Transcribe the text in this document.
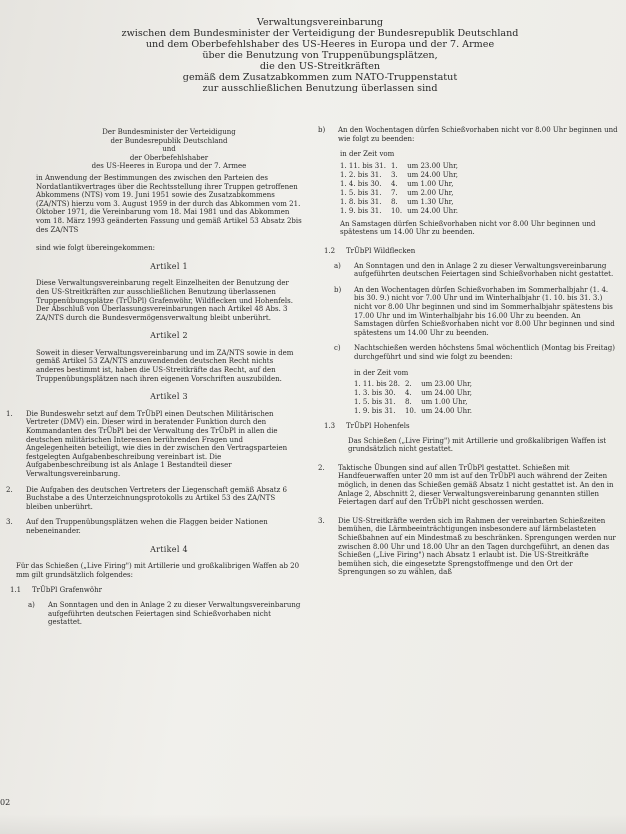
Verwaltungsvereinbarung
zwischen dem Bundesminister der Verteidigung der Bundesrepublik Deutschland
und dem Oberbefehlshaber des US-Heeres in Europa und der 7. Armee
über die Benutzung von Truppenübungsplätzen,
die den US-Streitkräften
gemäß dem Zusatzabkommen zum NATO-Truppenstatut
zur ausschließlichen Benutzung überlassen sind
Der Bundesminister der Verteidigung
der Bundesrepublik Deutschland
und
der Oberbefehlshaber
des US-Heeres in Europa und der 7. Armee

in Anwendung der Bestimmungen des zwischen den Parteien des Nordatlantikvertrages über die Rechtsstellung ihrer Truppen getroffenen Abkommens (NTS) vom 19. Juni 1951 sowie des Zusatzabkommens (ZA/NTS) hierzu vom 3. August 1959 in der durch das Abkommen vom 21. Oktober 1971, die Vereinbarung vom 18. Mai 1981 und das Abkommen vom 18. März 1993 geänderten Fassung und gemäß Artikel 53 Absatz 2bis des ZA/NTS

sind wie folgt übereingekommen:

Artikel 1

Diese Verwaltungsvereinbarung regelt Einzelheiten der Benutzung der den US-Streitkräften zur ausschließlichen Benutzung überlassenen Truppenübungsplätze (TrÜbPl) Grafenwöhr, Wildflecken und Hohenfels. Der Abschluß von Überlassungsvereinbarungen nach Artikel 48 Abs. 3 ZA/NTS durch die Bundesvermögensverwaltung bleibt unberührt.

Artikel 2

Soweit in dieser Verwaltungsvereinbarung und im ZA/NTS sowie in dem gemäß Artikel 53 ZA/NTS anzuwendenden deutschen Recht nichts anderes bestimmt ist, haben die US-Streitkräfte das Recht, auf den Truppenübungsplätzen nach ihren eigenen Vorschriften auszubilden.

Artikel 3
1.	Die Bundeswehr setzt auf dem TrÜbPl einen Deutschen Militärischen Vertreter (DMV) ein. Dieser wird in beratender Funktion durch den Kommandanten des TrÜbPl bei der Verwaltung des TrÜbPl in allen die deutschen militärischen Interessen berührenden Fragen und Angelegenheiten beteiligt, wie dies in der zwischen den Vertragsparteien festgelegten Aufgabenbeschreibung vereinbart ist. Die Aufgabenbeschreibung ist als Anlage 1 Bestandteil dieser Verwaltungsvereinbarung.
2.	Die Aufgaben des deutschen Vertreters der Liegenschaft gemäß Absatz 6 Buchstabe a des Unterzeichnungsprotokolls zu Artikel 53 des ZA/NTS bleiben unberührt.
3.	Auf den Truppenübungsplätzen wehen die Flaggen beider Nationen nebeneinander.
Artikel 4

Für das Schießen („Live Firing") mit Artillerie und großkalibrigen Waffen ab 20 mm gilt grundsätzlich folgendes:

1.1	TrÜbPl Grafenwöhr
a)	An Sonntagen und den in Anlage 2 zu dieser Verwaltungsvereinbarung aufgeführten deutschen Feiertagen sind Schießvorhaben nicht gestattet.
02
b)	An den Wochentagen dürfen Schießvorhaben nicht vor 8.00 Uhr beginnen und wie folgt zu beenden:
in der Zeit vom
1. 11. bis 31.	1.	um 23.00 Uhr,
1. 2. bis 31.	3.	um 24.00 Uhr,
1. 4. bis 30.	4.	um 1.00 Uhr,
1. 5. bis 31.	7.	um 2.00 Uhr,
1. 8. bis 31.	8.	um 1.30 Uhr,
1. 9. bis 31.	10.	um 24.00 Uhr.

An Samstagen dürfen Schießvorhaben nicht vor 8.00 Uhr beginnen und spätestens um 14.00 Uhr zu beenden.

1.2	TrÜbPl Wildflecken
a)	An Sonntagen und den in Anlage 2 zu dieser Verwaltungsvereinbarung aufgeführten deutschen Feiertagen sind Schießvorhaben nicht gestattet.
b)	An den Wochentagen dürfen Schießvorhaben im Sommerhalbjahr (1. 4. bis 30. 9.) nicht vor 7.00 Uhr und im Winterhalbjahr (1. 10. bis 31. 3.) nicht vor 8.00 Uhr beginnen und sind im Sommerhalbjahr spätestens bis 17.00 Uhr und im Winterhalbjahr bis 16.00 Uhr zu beenden. An Samstagen dürfen Schießvorhaben nicht vor 8.00 Uhr beginnen und sind spätestens um 14.00 Uhr zu beenden.
c)	Nachtschießen werden höchstens 5mal wöchentlich (Montag bis Freitag) durchgeführt und sind wie folgt zu beenden:
in der Zeit vom
1. 11. bis 28.	2.	um 23.00 Uhr,
1. 3. bis 30.	4.	um 24.00 Uhr,
1. 5. bis 31.	8.	um 1.00 Uhr,
1. 9. bis 31.	10.	um 24.00 Uhr.
1.3	TrÜbPl Hohenfels

Das Schießen („Live Firing") mit Artillerie und großkalibrigen Waffen ist grundsätzlich nicht gestattet.

2.	Taktische Übungen sind auf allen TrÜbPl gestattet. Schießen mit Handfeuerwaffen unter 20 mm ist auf den TrÜbPl auch während der Zeiten möglich, in denen das Schießen gemäß Absatz 1 nicht gestattet ist. An den in Anlage 2, Abschnitt 2, dieser Verwaltungsvereinbarung genannten stillen Feiertagen darf auf den TrÜbPl nicht geschossen werden.
3.	Die US-Streitkräfte werden sich im Rahmen der vereinbarten Schießzeiten bemühen, die Lärmbeeinträchtigungen insbesondere auf lärmbelasteten Schießbahnen auf ein Mindestmaß zu beschränken. Sprengungen werden nur zwischen 8.00 Uhr und 18.00 Uhr an den Tagen durchgeführt, an denen das Schießen („Live Firing") nach Absatz 1 erlaubt ist. Die US-Streitkräfte bemühen sich, die eingesetzte Sprengstoffmenge und den Ort der Sprengungen so zu wählen, daß
